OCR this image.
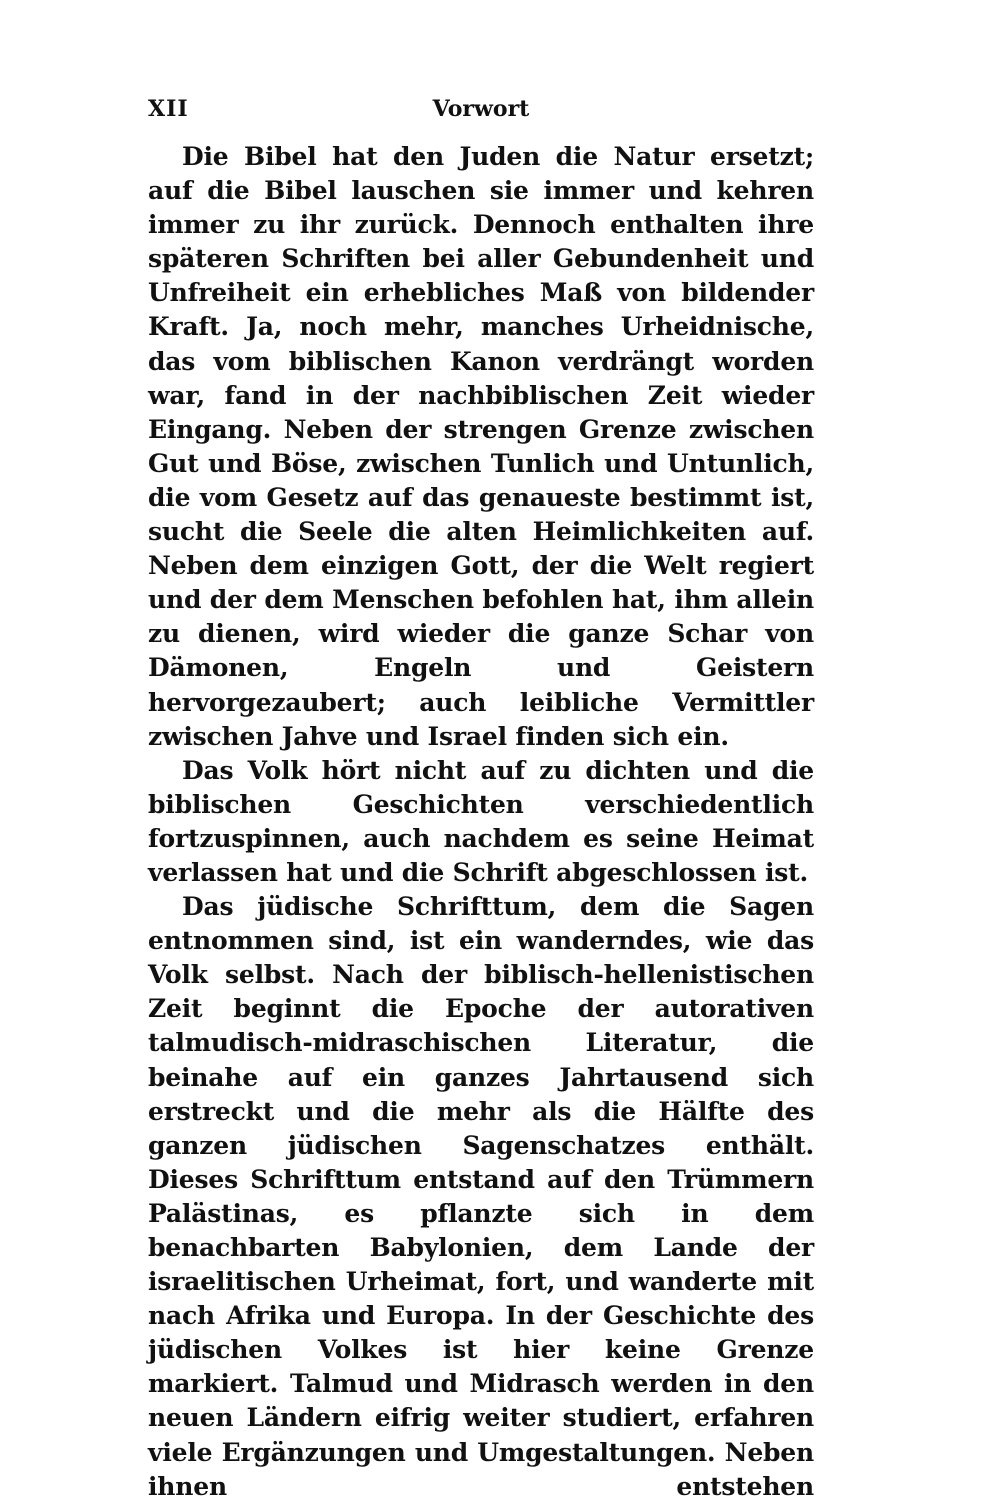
XII	Vorwort

Die Bibel hat den Juden die Natur ersetzt; auf die Bibel lauschen sie immer und kehren immer zu ihr zurück. Dennoch enthalten ihre späteren Schriften bei aller Gebundenheit und Unfreiheit ein erhebliches Maß von bildender Kraft. Ja, noch mehr, manches Urheidnische, das vom biblischen Kanon verdrängt worden war, fand in der nachbiblischen Zeit wieder Eingang. Neben der strengen Grenze zwischen Gut und Böse, zwischen Tunlich und Untunlich, die vom Gesetz auf das genaueste bestimmt ist, sucht die Seele die alten Heimlichkeiten auf. Neben dem einzigen Gott, der die Welt regiert und der dem Menschen befohlen hat, ihm allein zu dienen, wird wieder die ganze Schar von Dämonen, Engeln und Geistern hervorgezaubert; auch leibliche Vermittler zwischen Jahve und Israel finden sich ein.

Das Volk hört nicht auf zu dichten und die biblischen Geschichten verschiedentlich fortzuspinnen, auch nachdem es seine Heimat verlassen hat und die Schrift abgeschlossen ist.

Das jüdische Schrifttum, dem die Sagen entnommen sind, ist ein wanderndes, wie das Volk selbst. Nach der biblisch-hellenistischen Zeit beginnt die Epoche der autorativen talmudisch-midraschischen Literatur, die beinahe auf ein ganzes Jahrtausend sich erstreckt und die mehr als die Hälfte des ganzen jüdischen Sagenschatzes enthält. Dieses Schrifttum entstand auf den Trümmern Palästinas, es pflanzte sich in dem benachbarten Babylonien, dem Lande der israelitischen Urheimat, fort, und wanderte mit nach Afrika und Europa. In der Geschichte des jüdischen Volkes ist hier keine Grenze markiert. Talmud und Midrasch werden in den neuen Ländern eifrig weiter studiert, erfahren viele Ergänzungen und Umgestaltungen. Neben ihnen entstehen
